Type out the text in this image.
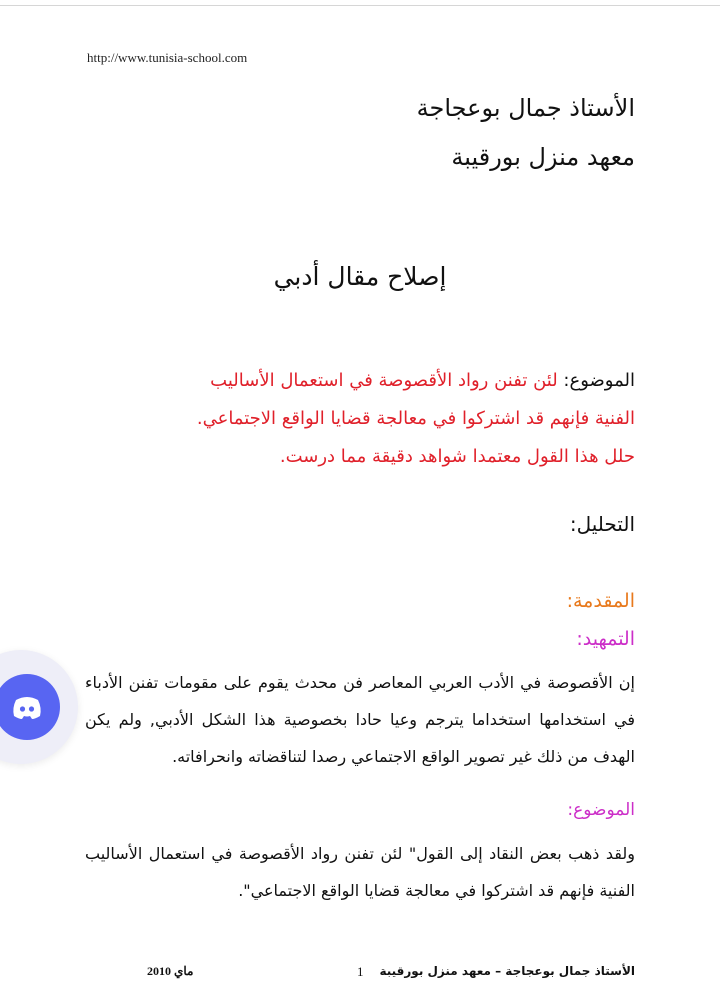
http://www.tunisia-school.com
الأستاذ جمال بوعجاجة
معهد منزل بورقيبة
إصلاح مقال أدبي
الموضوع: لئن تفنن رواد الأقصوصة في استعمال الأساليب
الفنية فإنهم قد اشتركوا في معالجة قضايا الواقع الاجتماعي.
حلل هذا القول معتمدا شواهد دقيقة مما درست.
التحليل:
المقدمة:
التمهيد:
إن الأقصوصة في الأدب العربي المعاصر فن محدث يقوم على مقومات تفنن الأدباء في استخدامها استخداما يترجم وعيا حادا بخصوصية هذا الشكل الأدبي, ولم يكن الهدف من ذلك غير تصوير الواقع الاجتماعي رصدا لتناقضاته وانحرافاته.
الموضوع:
ولقد ذهب بعض النقاد إلى القول" لئن تفنن رواد الأقصوصة في استعمال الأساليب الفنية فإنهم قد اشتركوا في معالجة قضايا الواقع الاجتماعي".
ماي 2010	1 الأستاذ جمال بوعجاجة – معهد منزل بورقيبة
